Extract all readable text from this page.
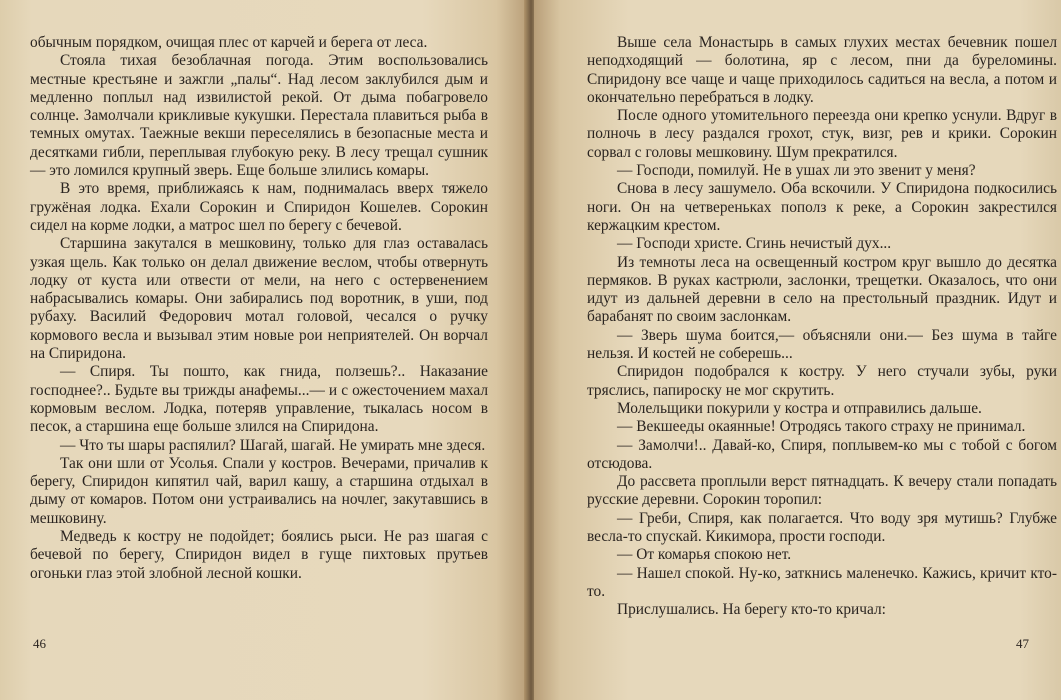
обычным порядком, очищая плес от карчей и берега от леса.

Стояла тихая безоблачная погода. Этим воспользовались местные крестьяне и зажгли „палы“. Над лесом заклубился дым и медленно поплыл над извилистой рекой. От дыма побагровело солнце. Замолчали крикливые кукушки. Перестала плавиться рыба в темных омутах. Таежные векши переселялись в безопасные места и десятками гибли, переплывая глубокую реку. В лесу трещал сушник — это ломился крупный зверь. Еще больше злились комары.

В это время, приближаясь к нам, поднималась вверх тяжело гружёная лодка. Ехали Сорокин и Спиридон Кошелев. Сорокин сидел на корме лодки, а матрос шел по берегу с бечевой.

Старшина закутался в мешковину, только для глаз оставалась узкая щель. Как только он делал движение веслом, чтобы отвернуть лодку от куста или отвести от мели, на него с остервенением набрасывались комары. Они забирались под воротник, в уши, под рубаху. Василий Федорович мотал головой, чесался о ручку кормового весла и вызывал этим новые рои неприятелей. Он ворчал на Спиридона.

— Спиря. Ты пошто, как гнида, ползешь?.. Наказание господнее?.. Будьте вы трижды анафемы...— и с ожесточением махал кормовым веслом. Лодка, потеряв управление, тыкалась носом в песок, а старшина еще больше злился на Спиридона.

— Что ты шары распялил? Шагай, шагай. Не умирать мне здеся.

Так они шли от Усолья. Спали у костров. Вечерами, причалив к берегу, Спиридон кипятил чай, варил кашу, а старшина отдыхал в дыму от комаров. Потом они устраивались на ночлег, закутавшись в мешковину.

Медведь к костру не подойдет; боялись рыси. Не раз шагая с бечевой по берегу, Спиридон видел в гуще пихтовых прутьев огоньки глаз этой злобной лесной кошки.

46

Выше села Монастырь в самых глухих местах бечевник пошел неподходящий — болотина, яр с лесом, пни да буреломины. Спиридону все чаще и чаще приходилось садиться на весла, а потом и окончательно перебраться в лодку.

После одного утомительного переезда они крепко уснули. Вдруг в полночь в лесу раздался грохот, стук, визг, рев и крики. Сорокин сорвал с головы мешковину. Шум прекратился.

— Господи, помилуй. Не в ушах ли это звенит у меня?

Снова в лесу зашумело. Оба вскочили. У Спиридона подкосились ноги. Он на четвереньках пополз к реке, а Сорокин закрестился кержацким крестом.

— Господи христе. Сгинь нечистый дух...

Из темноты леса на освещенный костром круг вышло до десятка пермяков. В руках кастрюли, заслонки, трещетки. Оказалось, что они идут из дальней деревни в село на престольный праздник. Идут и барабанят по своим заслонкам.

— Зверь шума боится,— объясняли они.— Без шума в тайге нельзя. И костей не соберешь...

Спиридон подобрался к костру. У него стучали зубы, руки тряслись, папироску не мог скрутить.

Молельщики покурили у костра и отправились дальше.

— Векшееды окаянные! Отродясь такого страху не принимал.

— Замолчи!.. Давай-ко, Спиря, поплывем-ко мы с тобой с богом отсюдова.

До рассвета проплыли верст пятнадцать. К вечеру стали попадать русские деревни. Сорокин торопил:

— Греби, Спиря, как полагается. Что воду зря мутишь? Глубже весла-то спускай. Кикимора, прости господи.

— От комарья спокою нет.

— Нашел спокой. Ну-ко, заткнись маленечко. Кажись, кричит кто-то.

Прислушались. На берегу кто-то кричал:

47
